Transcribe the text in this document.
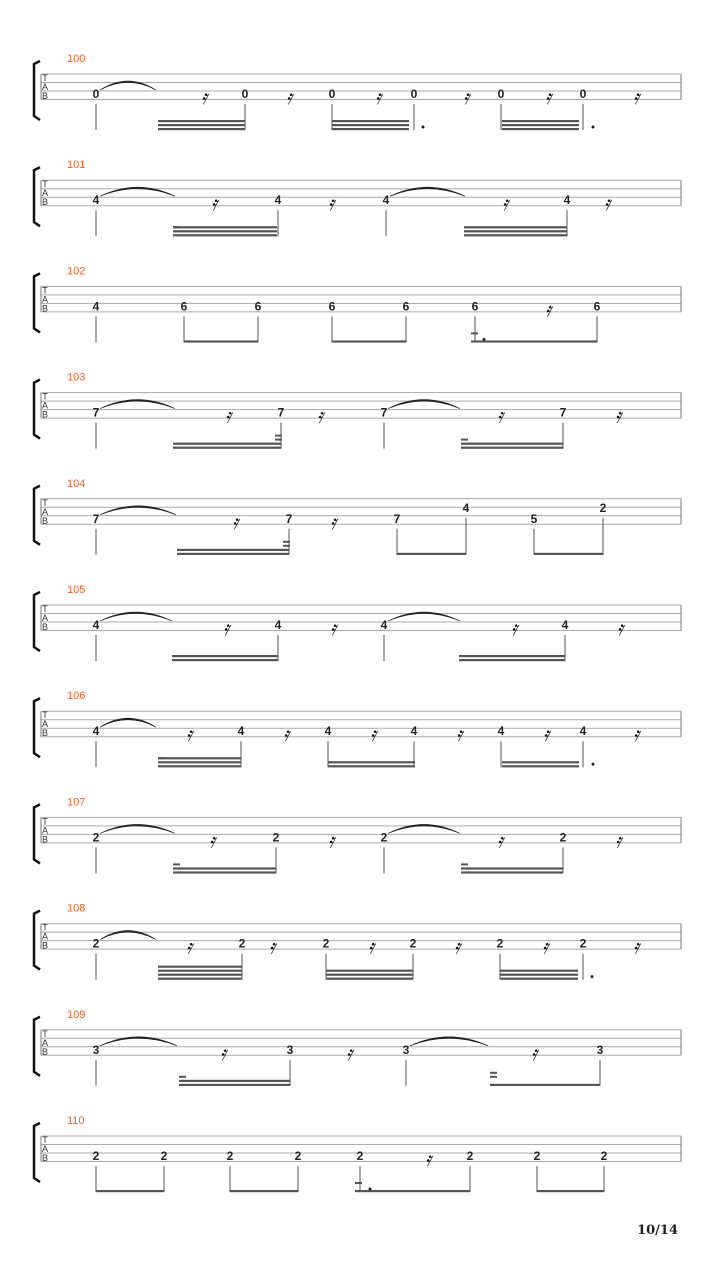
100
T
A
B	0	0	0	0	0	0
𝄿	𝄿	𝄿	𝄿	𝄿	𝄿
101
T
A
B	4	4	4	4
𝄿	𝄿	𝄿	𝄿
102
T
A
B	4	6	6	6	6	6	6
𝄿
103
T
A
B	7	7	7	7
𝄿	𝄿	𝄿	𝄿
104
T
A
B	7	7	7
4
5
2
𝄿	𝄿
105
T
A
B	4	4	4	4
𝄿	𝄿	𝄿	𝄿
106
T
A
B	4	4	4	4	4	4
𝄿	𝄿	𝄿	𝄿	𝄿	𝄿
107
T
A
B	2	2	2	2
𝄿	𝄿	𝄿	𝄿
108
T
A
B	2	2	2	2	2	2
𝄿	𝄿	𝄿	𝄿	𝄿	𝄿
109
T
A
B	3	3	3	3
𝄿	𝄿	𝄿
110
T
A
B	2	2	2	2	2	2	2	2
𝄿
10/14
